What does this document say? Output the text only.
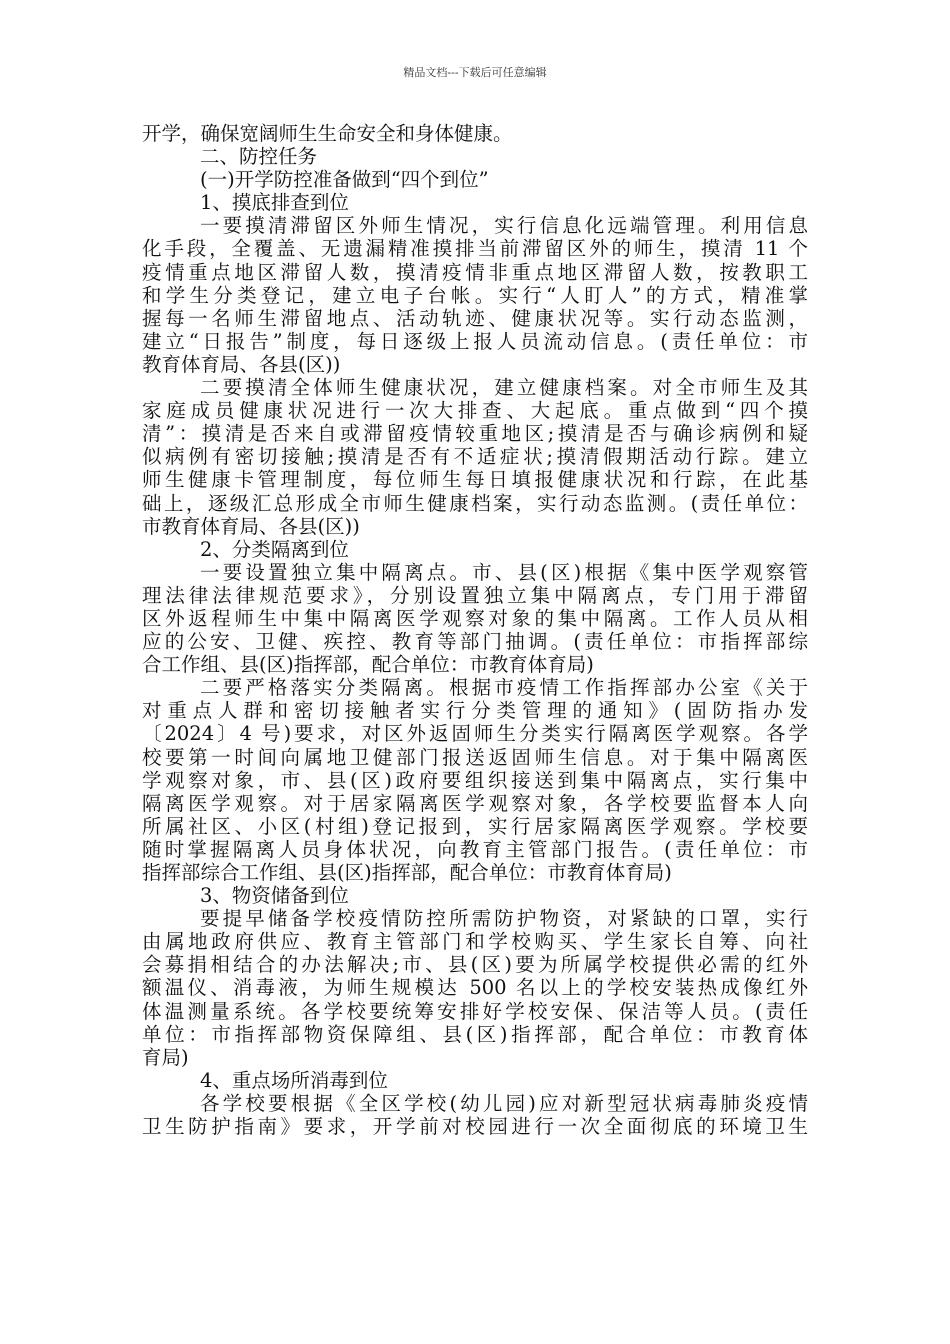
精品文档---下载后可任意编辑
开学，确保宽阔师生生命安全和身体健康。
二、防控任务
(一)开学防控准备做到“四个到位”
1、摸底排查到位
一要摸清滞留区外师生情况，实行信息化远端管理。利用信息
化手段，全覆盖、无遗漏精准摸排当前滞留区外的师生，摸清 11 个
疫情重点地区滞留人数，摸清疫情非重点地区滞留人数，按教职工
和学生分类登记，建立电子台帐。实行“人盯人”的方式，精准掌
握每一名师生滞留地点、活动轨迹、健康状况等。实行动态监测，
建立“日报告”制度，每日逐级上报人员流动信息。(责任单位：市
教育体育局、各县(区))
二要摸清全体师生健康状况，建立健康档案。对全市师生及其
家庭成员健康状况进行一次大排查、大起底。重点做到“四个摸
清”：摸清是否来自或滞留疫情较重地区;摸清是否与确诊病例和疑
似病例有密切接触;摸清是否有不适症状;摸清假期活动行踪。建立
师生健康卡管理制度，每位师生每日填报健康状况和行踪，在此基
础上，逐级汇总形成全市师生健康档案，实行动态监测。(责任单位：
市教育体育局、各县(区))
2、分类隔离到位
一要设置独立集中隔离点。市、县(区)根据《集中医学观察管
理法律法律规范要求》，分别设置独立集中隔离点，专门用于滞留
区外返程师生中集中隔离医学观察对象的集中隔离。工作人员从相
应的公安、卫健、疾控、教育等部门抽调。(责任单位：市指挥部综
合工作组、县(区)指挥部，配合单位：市教育体育局)
二要严格落实分类隔离。根据市疫情工作指挥部办公室《关于
对重点人群和密切接触者实行分类管理的通知》(固防指办发
〔2024〕4 号)要求，对区外返固师生分类实行隔离医学观察。各学
校要第一时间向属地卫健部门报送返固师生信息。对于集中隔离医
学观察对象，市、县(区)政府要组织接送到集中隔离点，实行集中
隔离医学观察。对于居家隔离医学观察对象，各学校要监督本人向
所属社区、小区(村组)登记报到，实行居家隔离医学观察。学校要
随时掌握隔离人员身体状况，向教育主管部门报告。(责任单位：市
指挥部综合工作组、县(区)指挥部，配合单位：市教育体育局)
3、物资储备到位
要提早储备学校疫情防控所需防护物资，对紧缺的口罩，实行
由属地政府供应、教育主管部门和学校购买、学生家长自筹、向社
会募捐相结合的办法解决;市、县(区)要为所属学校提供必需的红外
额温仪、消毒液，为师生规模达 500 名以上的学校安装热成像红外
体温测量系统。各学校要统筹安排好学校安保、保洁等人员。(责任
单位：市指挥部物资保障组、县(区)指挥部，配合单位：市教育体
育局)
4、重点场所消毒到位
各学校要根据《全区学校(幼儿园)应对新型冠状病毒肺炎疫情
卫生防护指南》要求，开学前对校园进行一次全面彻底的环境卫生
